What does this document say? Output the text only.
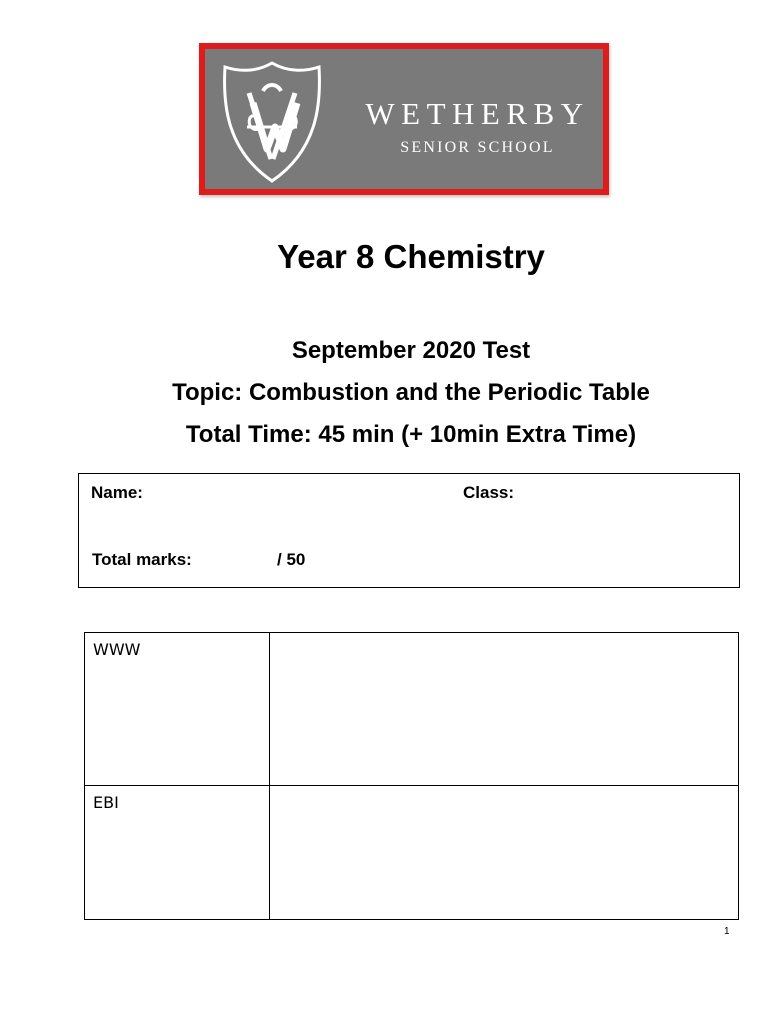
WETHERBY
SENIOR SCHOOL
Year 8 Chemistry
September 2020 Test
Topic: Combustion and the Periodic Table
Total Time: 45 min (+ 10min Extra Time)
Name:	Class:
Total marks:	/ 50
WWW	
EBI	
1
